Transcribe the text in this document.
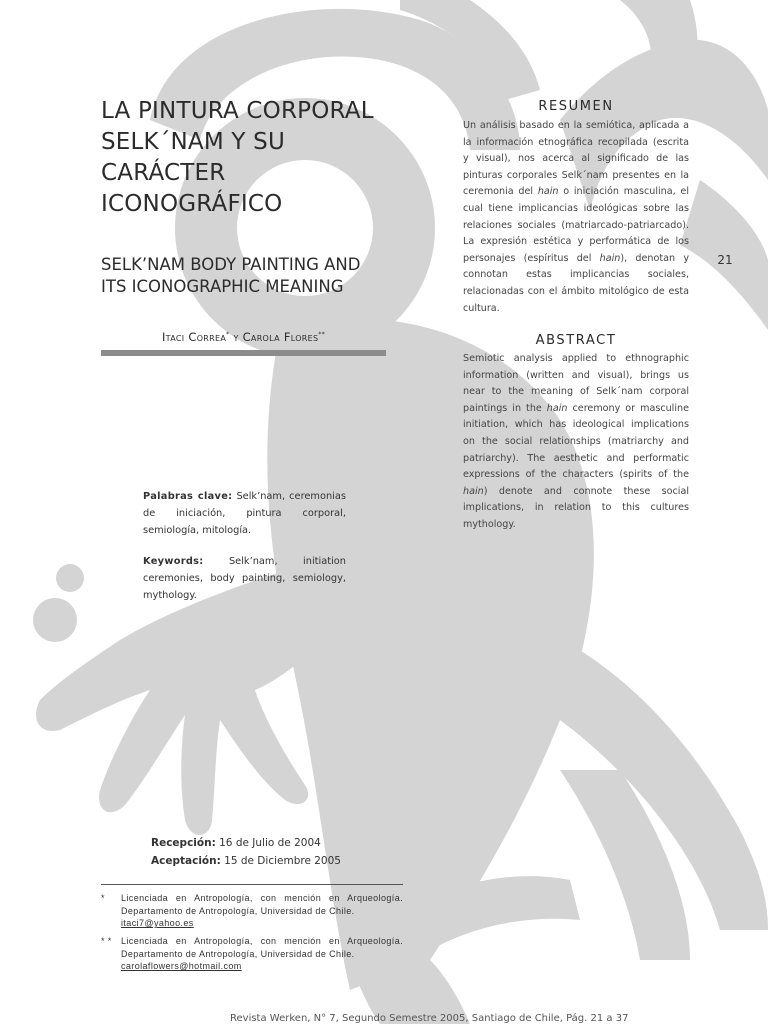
LA PINTURA CORPORAL
SELK´NAM Y SU
CARÁCTER
ICONOGRÁFICO
SELK’NAM BODY PAINTING AND
ITS ICONOGRAPHIC MEANING
Itaci Correa* y Carola Flores**
21
RESUMEN
Un análisis basado en la semiótica, aplicada a la información etnográfica recopilada (escrita y visual), nos acerca al significado de las pinturas corporales Selk´nam presentes en la ceremonia del hain o iniciación masculina, el cual tiene implicancias ideológicas sobre las relaciones sociales (matriarcado-patriarcado). La expresión estética y performática de los personajes (espíritus del hain), denotan y connotan estas implicancias sociales, relacionadas con el ámbito mitológico de esta cultura.
ABSTRACT
Semiotic analysis applied to ethnographic information (written and visual), brings us near to the meaning of Selk´nam corporal paintings in the hain ceremony or masculine initiation, which has ideological implications on the social relationships (matriarchy and patriarchy). The aesthetic and performatic expressions of the characters (spirits of the hain) denote and connote these social implications, in relation to this cultures mythology.
Palabras clave: Selk’nam, ceremonias de iniciación, pintura corporal, semiología, mitología.
Keywords: Selk’nam, initiation ceremonies, body painting, semiology, mythology.
Recepción: 16 de Julio de 2004
Aceptación: 15 de Diciembre 2005
* Licenciada en Antropología, con mención en Arqueología. Departamento de Antropología, Universidad de Chile.
itaci7@yahoo.es
* * Licenciada en Antropología, con mención en Arqueología. Departamento de Antropología, Universidad de Chile.
carolaflowers@hotmail.com
Revista Werken, N° 7, Segundo Semestre 2005, Santiago de Chile, Pág. 21 a 37
